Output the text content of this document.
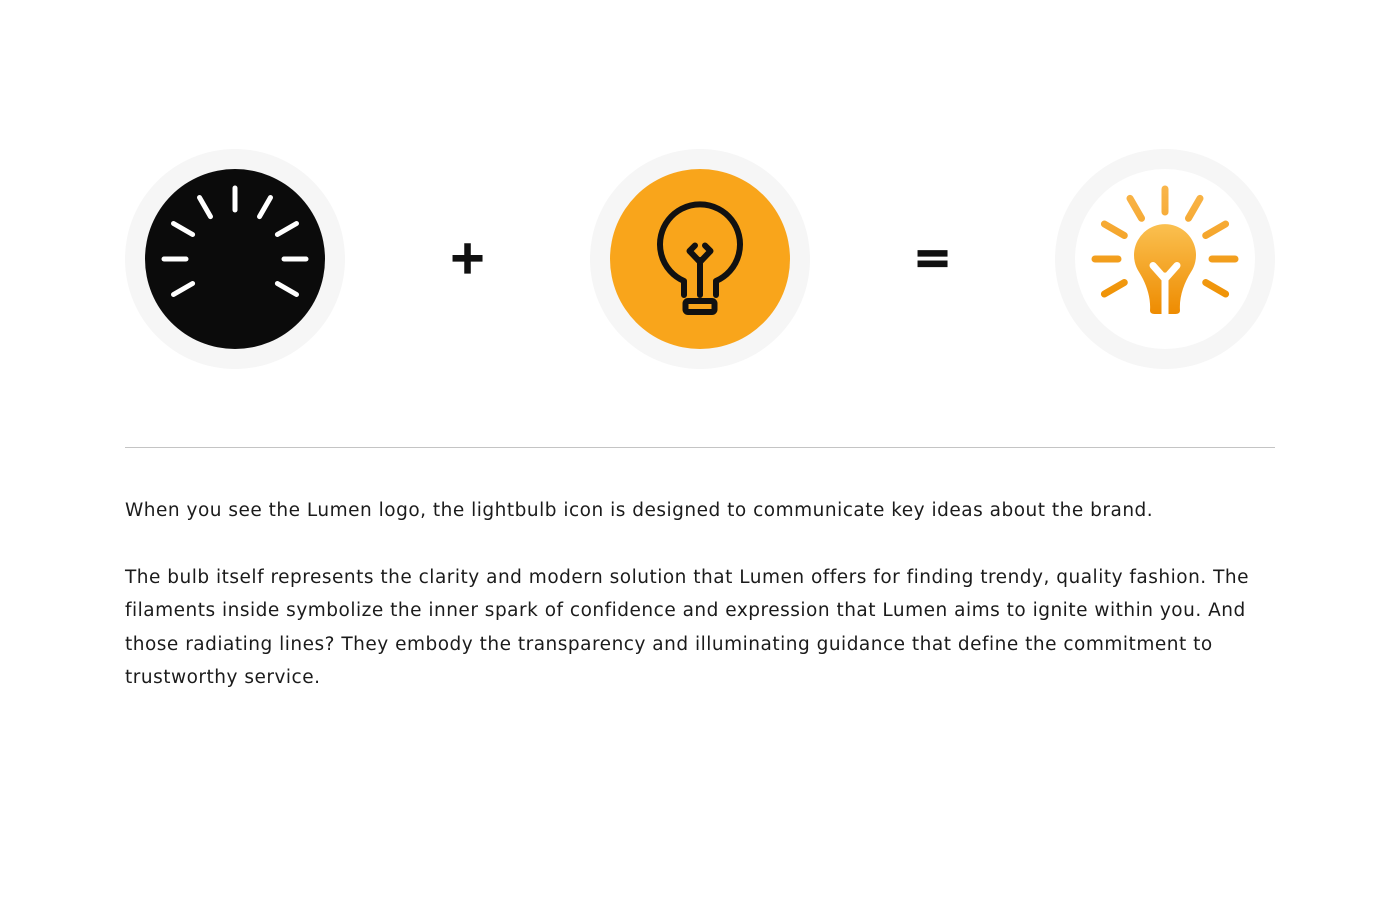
+	=

When you see the Lumen logo, the lightbulb icon is designed to communicate key ideas about the brand.

The bulb itself represents the clarity and modern solution that Lumen offers for finding trendy, quality fashion. The filaments inside symbolize the inner spark of confidence and expression that Lumen aims to ignite within you. And those radiating lines? They embody the transparency and illuminating guidance that define the commitment to trustworthy service.
